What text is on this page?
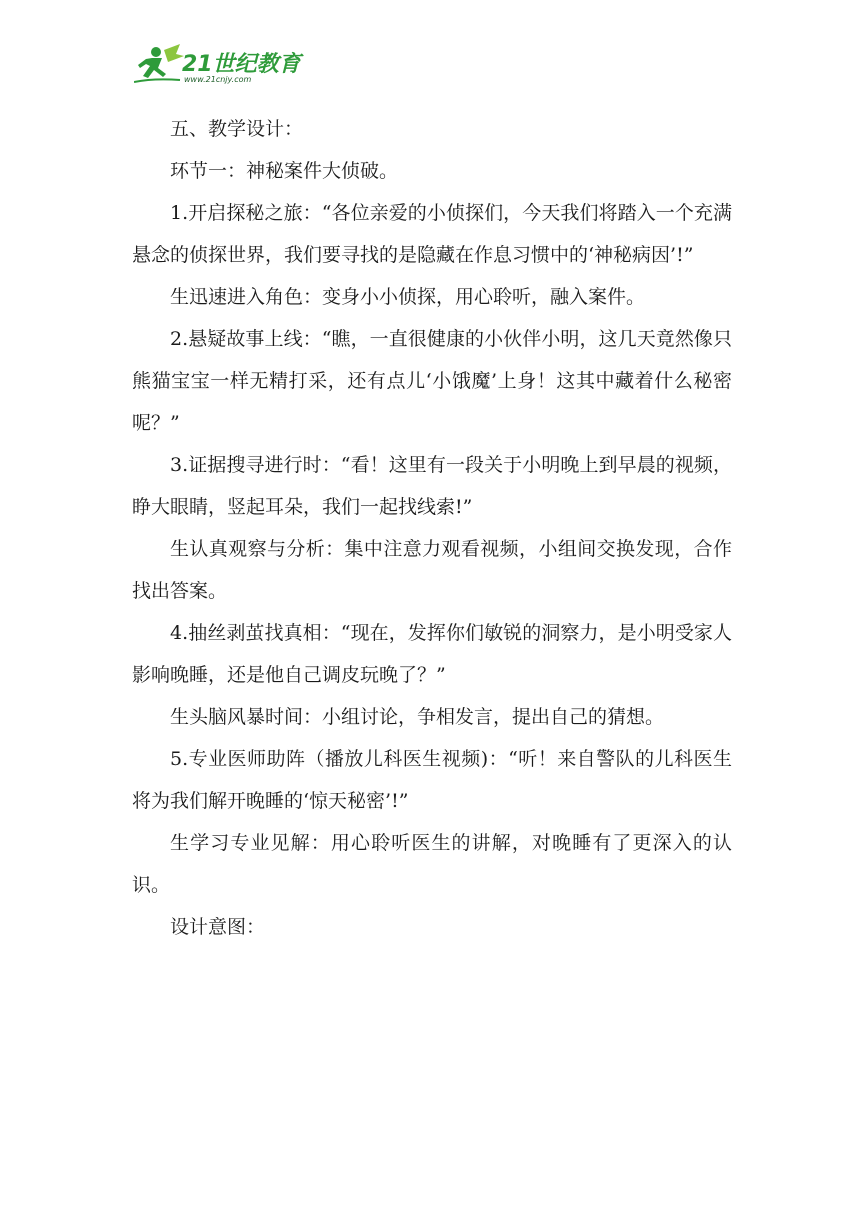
21世纪教育
www.21cnjy.com

五、教学设计：

环节一：神秘案件大侦破。

1.开启探秘之旅：“各位亲爱的小侦探们，今天我们将踏入一个充满悬念的侦探世界，我们要寻找的是隐藏在作息习惯中的‘神秘病因’!”

生迅速进入角色：变身小小侦探，用心聆听，融入案件。

2.悬疑故事上线：“瞧，一直很健康的小伙伴小明，这几天竟然像只熊猫宝宝一样无精打采，还有点儿‘小饿魔’上身！这其中藏着什么秘密呢？”

3.证据搜寻进行时：“看！这里有一段关于小明晚上到早晨的视频，睁大眼睛，竖起耳朵，我们一起找线索!”

生认真观察与分析：集中注意力观看视频，小组间交换发现，合作找出答案。

4.抽丝剥茧找真相：“现在，发挥你们敏锐的洞察力，是小明受家人影响晚睡，还是他自己调皮玩晚了？”

生头脑风暴时间：小组讨论，争相发言，提出自己的猜想。

5.专业医师助阵（播放儿科医生视频)：“听！来自警队的儿科医生将为我们解开晚睡的‘惊天秘密’!”

生学习专业见解：用心聆听医生的讲解，对晚睡有了更深入的认识。

设计意图：
